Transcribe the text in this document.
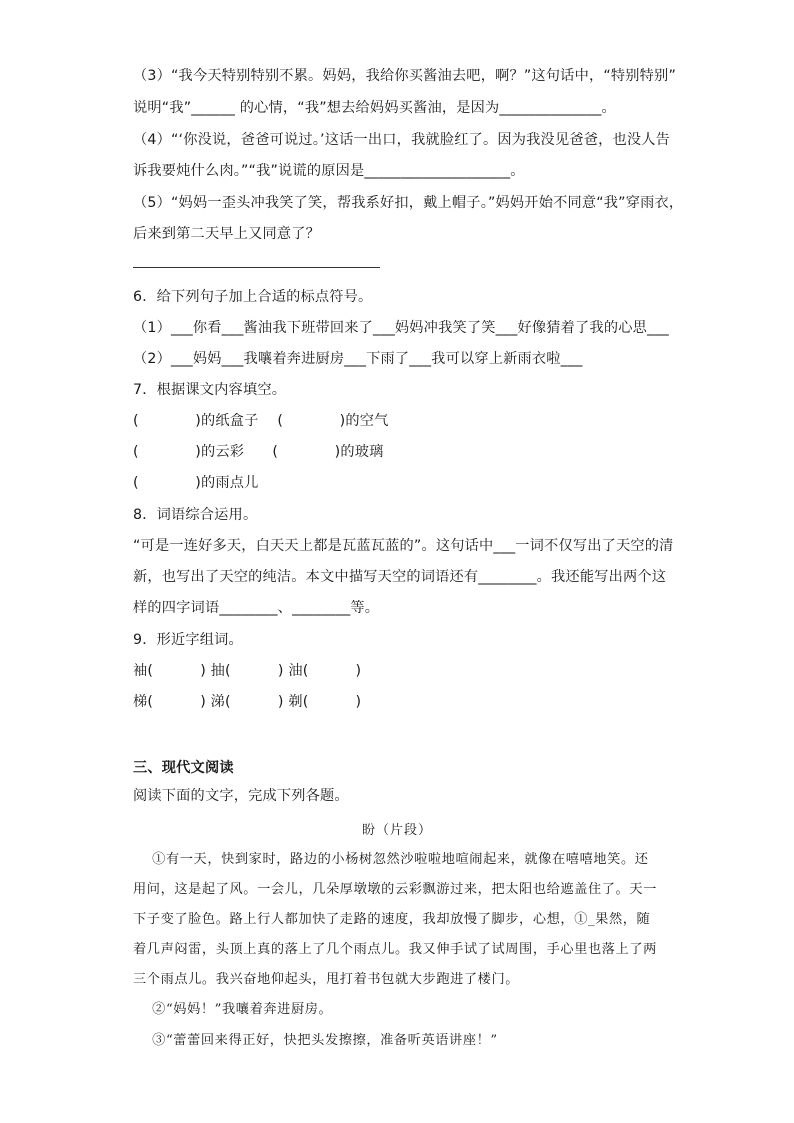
（3）“我今天特别特别不累。妈妈，我给你买酱油去吧，啊？”这句话中，“特别特别”
说明“我”______ 的心情，“我”想去给妈妈买酱油，是因为______________。
（4）“‘你没说，爸爸可说过。’这话一出口，我就脸红了。因为我没见爸爸，也没人告
诉我要炖什么肉。”“我”说谎的原因是____________________。
（5）“妈妈一歪头冲我笑了笑，帮我系好扣，戴上帽子。”妈妈开始不同意“我”穿雨衣，
后来到第二天早上又同意了？
6．给下列句子加上合适的标点符号。
（1）___你看___酱油我下班带回来了___妈妈冲我笑了笑___好像猜着了我的心思___
（2）___妈妈___我嚷着奔进厨房___下雨了___我可以穿上新雨衣啦___
7．根据课文内容填空。
(            )的纸盒子    (            )的空气
(            )的云彩      (            )的玻璃
(            )的雨点儿
8．词语综合运用。
“可是一连好多天，白天天上都是瓦蓝瓦蓝的”。这句话中___一词不仅写出了天空的清
新，也写出了天空的纯洁。本文中描写天空的词语还有________。我还能写出两个这
样的四字词语________、________等。
9．形近字组词。
袖(          ) 抽(          ) 油(          )
梯(          ) 涕(          ) 剃(          )
三、现代文阅读
阅读下面的文字，完成下列各题。
盼（片段）
①有一天，快到家时，路边的小杨树忽然沙啦啦地喧闹起来，就像在嘻嘻地笑。还
用问，这是起了风。一会儿，几朵厚墩墩的云彩飘游过来，把太阳也给遮盖住了。天一
下子变了脸色。路上行人都加快了走路的速度，我却放慢了脚步，心想，①_果然，随
着几声闷雷，头顶上真的落上了几个雨点儿。我又伸手试了试周围，手心里也落上了两
三个雨点儿。我兴奋地仰起头，甩打着书包就大步跑进了楼门。
②“妈妈！”我嚷着奔进厨房。
③“蕾蕾回来得正好，快把头发擦擦，准备听英语讲座！”
